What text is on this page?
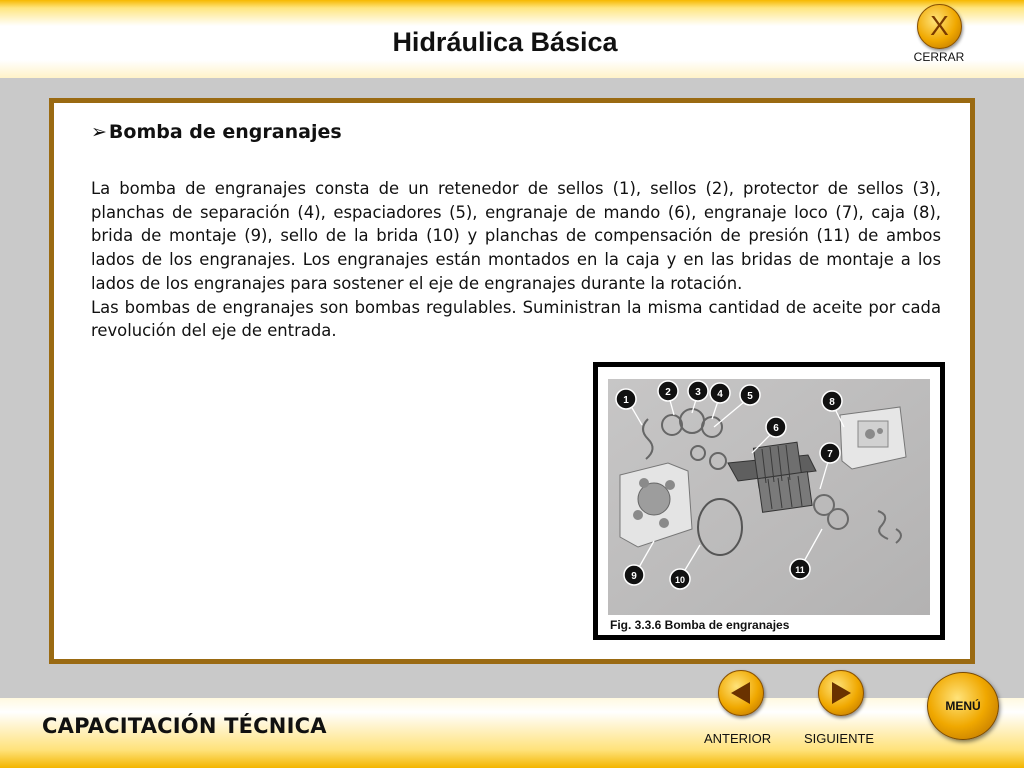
Hidráulica Básica
X
CERRAR
➢ Bomba de engranajes

La bomba de engranajes consta de un retenedor de sellos (1), sellos (2), protector de sellos (3), planchas de separación (4), espaciadores (5), engranaje de mando (6), engranaje loco (7), caja (8), brida de montaje (9), sello de la brida (10) y planchas de compensación de presión (11) de ambos lados de los engranajes. Los engranajes están montados en la caja y en las bridas de montaje a los lados de los engranajes para sostener el eje de engranajes durante la rotación.

Las bombas de engranajes son bombas regulables. Suministran la misma cantidad de aceite por cada revolución del eje de entrada.

1
2 3 4 5
6
7
8
9	10
11
Fig. 3.3.6 Bomba de engranajes
CAPACITACIÓN TÉCNICA
ANTERIOR	SIGUIENTE
MENÚ
